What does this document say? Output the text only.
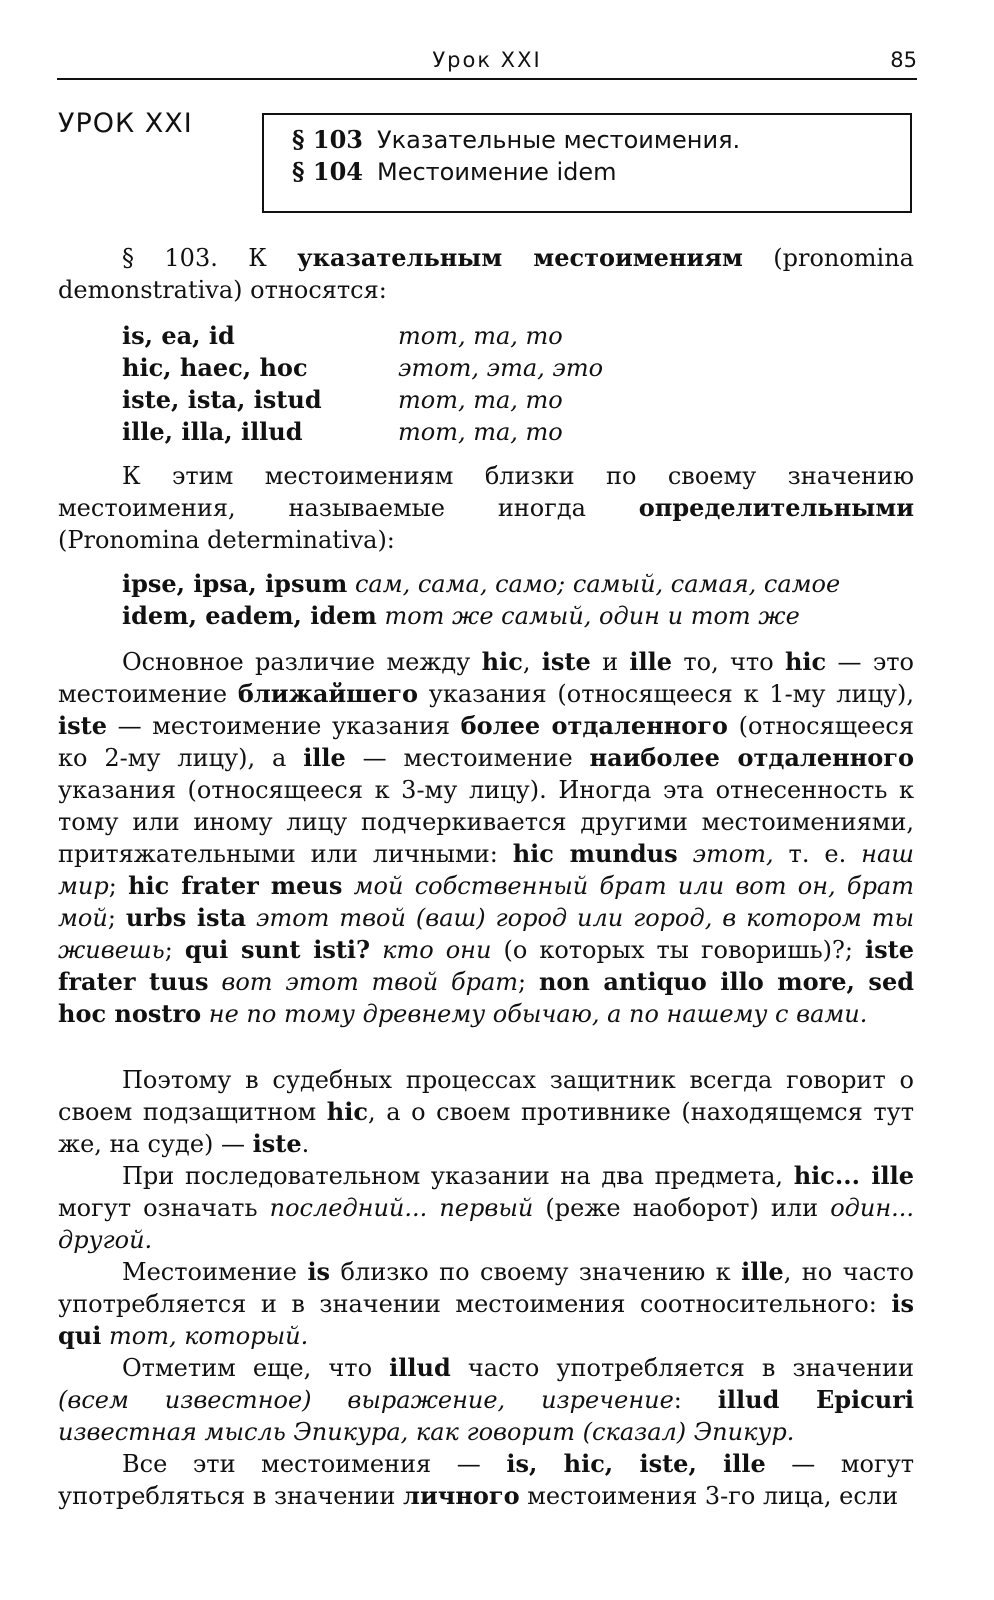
Урок XXI	85
УРОК XXI
§ 103 Указательные местоимения.
§ 104 Местоимение idem

§ 103. К указательным местоимениям (pronomina demonstrativa) относятся:

is, ea, id	тот, та, то
hic, haec, hoc	этот, эта, это
iste, ista, istud	тот, та, то
ille, illa, illud	тот, та, то

К этим местоимениям близки по своему значению местоимения, называемые иногда определительными (Pronomina determinativa):

ipse, ipsa, ipsum сам, сама, само; самый, самая, самое
idem, eadem, idem тот же самый, один и тот же

Основное различие между hic, iste и ille то, что hic — это местоимение ближайшего указания (относящееся к 1-му лицу), iste — местоимение указания более отдаленного (относящееся ко 2-му лицу), а ille — местоимение наиболее отдаленного указания (относящееся к 3-му лицу). Иногда эта отнесенность к тому или иному лицу подчеркивается другими местоимениями, притяжательными или личными: hic mundus этот, т. е. наш мир; hic frater meus мой собственный брат или вот он, брат мой; urbs ista этот твой (ваш) город или город, в котором ты живешь; qui sunt isti? кто они (о которых ты говоришь)?; iste frater tuus вот этот твой брат; non antiquo illo more, sed hoc nostro не по тому древнему обычаю, а по нашему с вами.

Поэтому в судебных процессах защитник всегда говорит о своем подзащитном hic, а о своем противнике (находящемся тут же, на суде) — iste.

При последовательном указании на два предмета, hic... ille могут означать последний... первый (реже наоборот) или один... другой.

Местоимение is близко по своему значению к ille, но часто употребляется и в значении местоимения соотносительного: is qui тот, который.

Отметим еще, что illud часто употребляется в значении (всем известное) выражение, изречение: illud Epicuri известная мысль Эпикура, как говорит (сказал) Эпикур.

Все эти местоимения — is, hic, iste, ille — могут употребляться в значении личного местоимения 3-го лица, если
